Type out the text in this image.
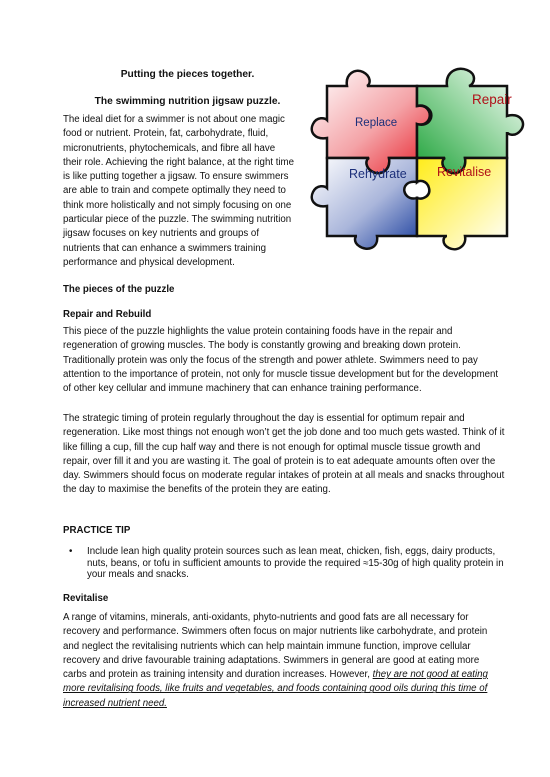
Putting the pieces together.

The swimming nutrition jigsaw puzzle.

The ideal diet for a swimmer is not about one magic food or nutrient. Protein, fat, carbohydrate, fluid, micronutrients, phytochemicals, and fibre all have their role. Achieving the right balance, at the right time is like putting together a jigsaw. To ensure swimmers are able to train and compete optimally they need to think more holistically and not simply focusing on one particular piece of the puzzle. The swimming nutrition jigsaw focuses on key nutrients and groups of nutrients that can enhance a swimmers training performance and physical development.

Repair
Replace
Rehydrate Revitalise

The pieces of the puzzle

Repair and Rebuild

This piece of the puzzle highlights the value protein containing foods have in the repair and regeneration of growing muscles. The body is constantly growing and breaking down protein. Traditionally protein was only the focus of the strength and power athlete. Swimmers need to pay attention to the importance of protein, not only for muscle tissue development but for the development of other key cellular and immune machinery that can enhance training performance.

The strategic timing of protein regularly throughout the day is essential for optimum repair and regeneration. Like most things not enough won’t get the job done and too much gets wasted. Think of it like filling a cup, fill the cup half way and there is not enough for optimal muscle tissue growth and repair, over fill it and you are wasting it. The goal of protein is to eat adequate amounts often over the day. Swimmers should focus on moderate regular intakes of protein at all meals and snacks throughout the day to maximise the benefits of the protein they are eating.

PRACTICE TIP

• Include lean high quality protein sources such as lean meat, chicken, fish, eggs, dairy products, nuts, beans, or tofu in sufficient amounts to provide the required ≈15-30g of high quality protein in your meals and snacks.

Revitalise

A range of vitamins, minerals, anti-oxidants, phyto-nutrients and good fats are all necessary for recovery and performance. Swimmers often focus on major nutrients like carbohydrate, and protein and neglect the revitalising nutrients which can help maintain immune function, improve cellular recovery and drive favourable training adaptations. Swimmers in general are good at eating more carbs and protein as training intensity and duration increases. However, they are not good at eating more revitalising foods, like fruits and vegetables, and foods containing good oils during this time of increased nutrient need.
